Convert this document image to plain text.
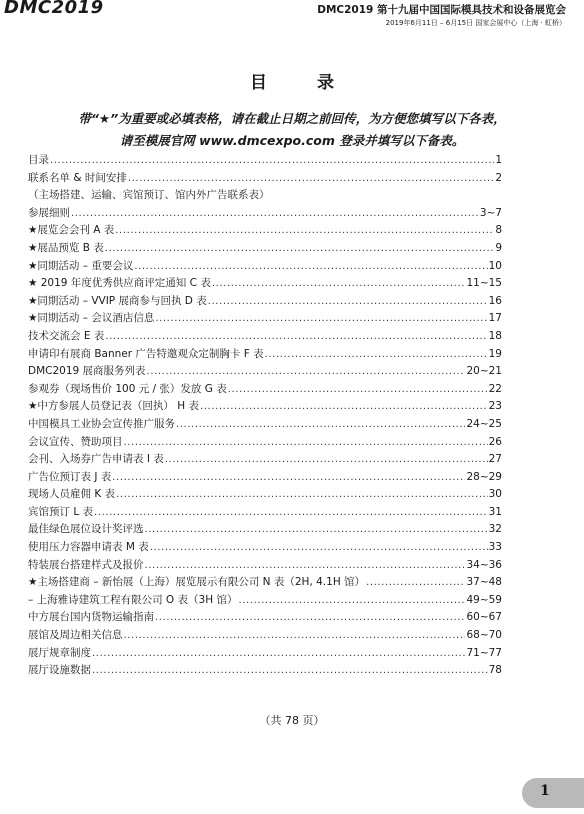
DMC2019	DMC2019 第十九届中国国际模具技术和设备展览会
2019年6月11日 – 6月15日 国家会展中心（上海 · 虹桥）
目 录
带“★”为重要或必填表格，请在截止日期之前回传，为方便您填写以下各表，
请至模展官网 www.dmcexpo.com 登录并填写以下备表。
目录 .....	1
联系名单 & 时间安排 .....	2
（主场搭建、运输、宾馆预订、馆内外广告联系表）
参展细则 .....	3~7
★展览会会刊 A 表 .....	8
★展品预览 B 表 .....	9
★同期活动 – 重要会议 .....	10
★ 2019 年度优秀供应商评定通知 C 表 .....	11~15
★同期活动 – VVIP 展商参与回执 D 表 .....	16
★同期活动 – 会议酒店信息 .....	17
技术交流会 E 表 .....	18
申请印有展商 Banner 广告特邀观众定制胸卡 F 表 .....	19
DMC2019 展商服务列表 .....	20~21
参观券（现场售价 100 元 / 张）发放 G 表 .....	22
★中方参展人员登记表（回执） H 表 .....	23
中国模具工业协会宣传推广服务 .....	24~25
会议宣传、赞助项目 .....	26
会刊、入场券广告申请表 I 表 .....	27
广告位预订表 J 表 .....	28~29
现场人员雇佣 K 表 .....	30
宾馆预订 L 表 .....	31
最佳绿色展位设计奖评选 .....	32
使用压力容器申请表 M 表 .....	33
特装展台搭建样式及报价 .....	34~36
★主场搭建商 – 新怡展（上海）展览展示有限公司 N 表（2H, 4.1H 馆） .....	37~48
– 上海雅诗建筑工程有限公司 O 表（3H 馆） .....	49~59
中方展台国内货物运输指南 .....	60~67
展馆及周边相关信息 .....	68~70
展厅规章制度 .....	71~77
展厅设施数据 .....	78
（共 78 页）
1
